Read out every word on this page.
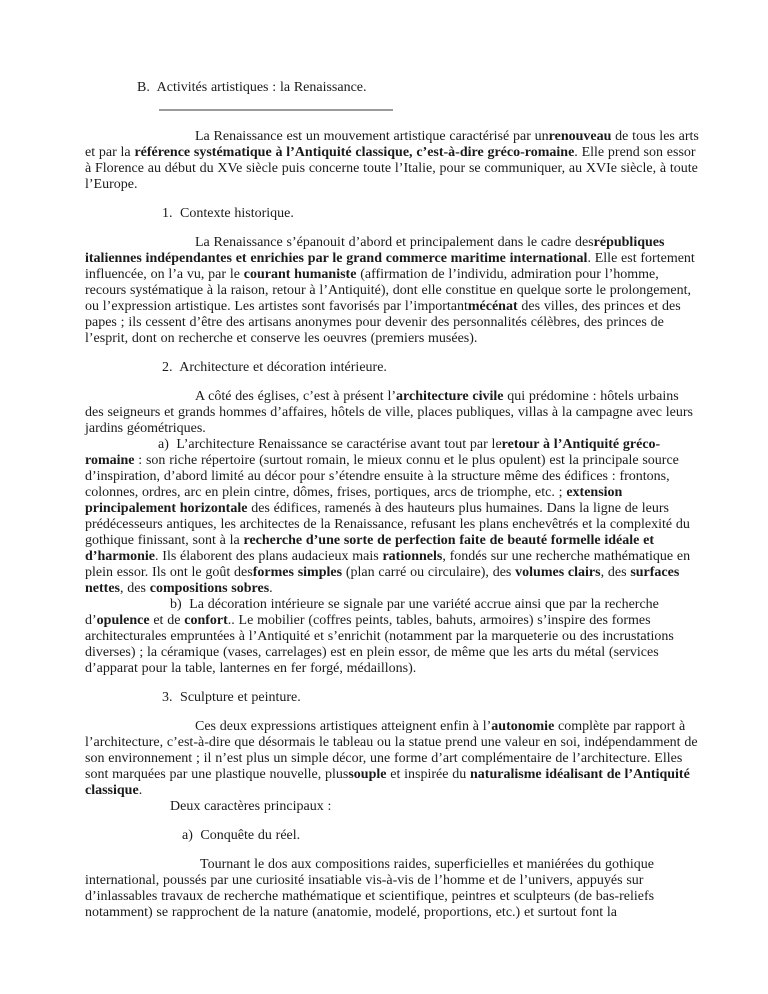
B.  Activités artistiques : la Renaissance.

La Renaissance est un mouvement artistique caractérisé par unrenouveau de tous les arts et par la référence systématique à l’Antiquité classique, c’est-à-dire gréco-romaine. Elle prend son essor à Florence au début du XVe siècle puis concerne toute l’Italie, pour se communiquer, au XVIe siècle, à toute l’Europe.

1.  Contexte historique.

La Renaissance s’épanouit d’abord et principalement dans le cadre desrépubliques italiennes indépendantes et enrichies par le grand commerce maritime international. Elle est fortement influencée, on l’a vu, par le courant humaniste (affirmation de l’individu, admiration pour l’homme, recours systématique à la raison, retour à l’Antiquité), dont elle constitue en quelque sorte le prolongement, ou l’expression artistique. Les artistes sont favorisés par l’importantmécénat des villes, des princes et des papes ; ils cessent d’être des artisans anonymes pour devenir des personnalités célèbres, des princes de l’esprit, dont on recherche et conserve les oeuvres (premiers musées).

2.  Architecture et décoration intérieure.

A côté des églises, c’est à présent l’architecture civile qui prédomine : hôtels urbains des seigneurs et grands hommes d’affaires, hôtels de ville, places publiques, villas à la campagne avec leurs jardins géométriques.

a)  L’architecture Renaissance se caractérise avant tout par leretour à l’Antiquité gréco-romaine : son riche répertoire (surtout romain, le mieux connu et le plus opulent) est la principale source d’inspiration, d’abord limité au décor pour s’étendre ensuite à la structure même des édifices : frontons, colonnes, ordres, arc en plein cintre, dômes, frises, portiques, arcs de triomphe, etc. ; extension principalement horizontale des édifices, ramenés à des hauteurs plus humaines. Dans la ligne de leurs prédécesseurs antiques, les architectes de la Renaissance, refusant les plans enchevêtrés et la complexité du gothique finissant, sont à la recherche d’une sorte de perfection faite de beauté formelle idéale et d’harmonie. Ils élaborent des plans audacieux mais rationnels, fondés sur une recherche mathématique en plein essor. Ils ont le goût desformes simples (plan carré ou circulaire), des volumes clairs, des surfaces nettes, des compositions sobres.

b)  La décoration intérieure se signale par une variété accrue ainsi que par la recherche d’opulence et de confort.. Le mobilier (coffres peints, tables, bahuts, armoires) s’inspire des formes architecturales empruntées à l’Antiquité et s’enrichit (notamment par la marqueterie ou des incrustations diverses) ; la céramique (vases, carrelages) est en plein essor, de même que les arts du métal (services d’apparat pour la table, lanternes en fer forgé, médaillons).

3.  Sculpture et peinture.

Ces deux expressions artistiques atteignent enfin à l’autonomie complète par rapport à l’architecture, c’est-à-dire que désormais le tableau ou la statue prend une valeur en soi, indépendamment de son environnement ; il n’est plus un simple décor, une forme d’art complémentaire de l’architecture. Elles sont marquées par une plastique nouvelle, plussouple et inspirée du naturalisme idéalisant de l’Antiquité classique.

Deux caractères principaux :

a)  Conquête du réel.

Tournant le dos aux compositions raides, superficielles et maniérées du gothique international, poussés par une curiosité insatiable vis-à-vis de l’homme et de l’univers, appuyés sur d’inlassables travaux de recherche mathématique et scientifique, peintres et sculpteurs (de bas-reliefs notamment) se rapprochent de la nature (anatomie, modelé, proportions, etc.) et surtout font la
